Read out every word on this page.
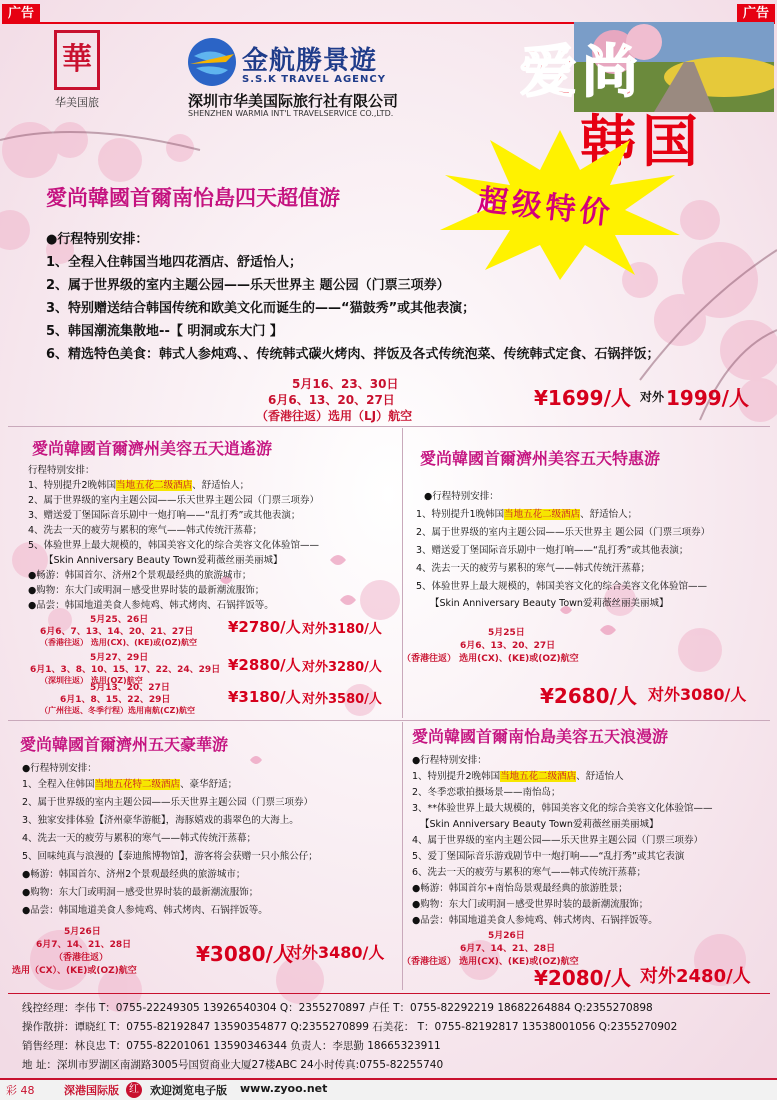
广告	广告
華
华美国旅
金航勝景遊
S.S.K TRAVEL AGENCY
深圳市华美国际旅行社有限公司
SHENZHEN WARMIA INT'L TRAVELSERVICE CO.,LTD.
爱尚
韩国
超级特价
愛尚韓國首爾南怡島四天超值游
●行程特别安排：
1、全程入住韩国当地四花酒店、舒适怡人；
2、属于世界级的室内主题公园——乐天世界主 题公园（门票三项券）
3、特别赠送结合韩国传统和欧美文化而诞生的——“猫鼓秀”或其他表演；
5、韩国潮流集散地--【 明洞或东大门 】
6、精选特色美食：韩式人参炖鸡、、传统韩式碳火烤肉、拌饭及各式传统泡菜、传统韩式定食、石锅拌饭；
5月16、23、30日
6月6、13、20、27日
（香港往返）选用（LJ）航空
¥1699/人 对外 1999/人
愛尚韓國首爾濟州美容五天逍遙游
行程特别安排：
1、特别提升2晚韩国当地五花二级酒店、舒适怡人；
2、属于世界级的室内主题公园——乐天世界主题公园（门票三项券）
3、赠送爱丁堡国际音乐剧中一炮打响——“乱打秀”或其他表演；
4、洗去一天的疲劳与累积的寒气——韩式传统汗蒸幕；
5、体验世界上最大规模的，韩国美容文化的综合美容文化体验馆——
【Skin Anniversary Beauty Town爱莉薇丝丽美丽城】
●畅游：韩国首尔、济州2个景观最经典的旅游城市；
●购物：东大门或明洞－感受世界时装的最新潮流服饰；
●品尝：韩国地道美食人参炖鸡、韩式烤肉、石锅拌饭等。
5月25、26日
6月6、7、13、14、20、21、27日
（香港往返） 选用(CX)、(KE)或(OZ)航空
¥2780/人 对外3180/人
5月27、29日
6月1、3、8、10、15、17、22、24、29日
（深圳往返） 选用(OZ)航空
¥2880/人 对外3280/人
5月13、20、27日
6月1、8、15、22、29日
（广州往返、冬季行程）选用南航(CZ)航空
¥3180/人 对外3580/人
愛尚韓國首爾濟州美容五天特惠游
●行程特别安排：
1、特别提升1晚韩国当地五花二级酒店、舒适怡人；
2、属于世界级的室内主题公园——乐天世界主 题公园（门票三项券）
3、赠送爱丁堡国际音乐剧中一炮打响——“乱打秀”或其他表演；
4、洗去一天的疲劳与累积的寒气——韩式传统汗蒸幕；
5、体验世界上最大规模的，韩国美容文化的综合美容文化体验馆——
【Skin Anniversary Beauty Town爱莉薇丝丽美丽城】
5月25日
6月6、13、20、27日
（香港往返） 选用(CX)、(KE)或(OZ)航空
¥2680/人 对外3080/人
愛尚韓國首爾濟州五天豪華游
●行程特别安排：
1、全程入住韩国当地五花特二级酒店、豪华舒适；
2、属于世界级的室内主题公园——乐天世界主题公园（门票三项券）
3、独家安排体验【济州豪华游艇】，海豚嬉戏的翡翠色的大海上。
4、洗去一天的疲劳与累积的寒气——韩式传统汗蒸幕；
5、回味纯真与浪漫的【泰迪熊博物馆】，游客将会获赠一只小熊公仔；
●畅游：韩国首尔、济州2个景观最经典的旅游城市；
●购物：东大门或明洞－感受世界时装的最新潮流服饰；
●品尝：韩国地道美食人参炖鸡、韩式烤肉、石锅拌饭等。
5月26日
6月7、14、21、28日
（香港往返）
选用（CX）、(KE)或(OZ)航空
¥3080/人
对外3480/人
愛尚韓國首爾南怡島美容五天浪漫游
●行程特别安排：
1、特别提升2晚韩国当地五花二级酒店、舒适怡人
2、冬季恋歌拍摄场景——南怡岛；
3、**体验世界上最大规模的，韩国美容文化的综合美容文化体验馆——
【Skin Anniversary Beauty Town爱莉薇丝丽美丽城】
4、属于世界级的室内主题公园——乐天世界主题公园（门票三项券）
5、爱丁堡国际音乐游戏剧节中一炮打响——“乱打秀”或其它表演
6、洗去一天的疲劳与累积的寒气——韩式传统汗蒸幕；
●畅游：韩国首尔+南怡岛景观最经典的旅游胜景；
●购物：东大门或明洞－感受世界时装的最新潮流服饰；
●品尝：韩国地道美食人参炖鸡、韩式烤肉、石锅拌饭等。
5月26日
6月7、14、21、28日
（香港往返） 选用(CX)、(KE)或(OZ)航空
¥2080/人 对外2480/人
线控经理：李伟 T：0755-22249305 13926540304 Q：2355270897 卢任 T：0755-82292219 18682264884 Q:2355270898
操作散拼：谭晓红 T：0755-82192847 13590354877 Q:2355270899 石美花： T：0755-82192817 13538001056 Q:2355270902
销售经理：林良忠 T：0755-82201061 13590346344 负责人：李思勤 18665323911
地 址：深圳市罗湖区南湖路3005号国贸商业大厦27楼ABC 24小时传真:0755-82255740
彩 48	深港国际版	红 欢迎浏览电子版 www.zyoo.net
